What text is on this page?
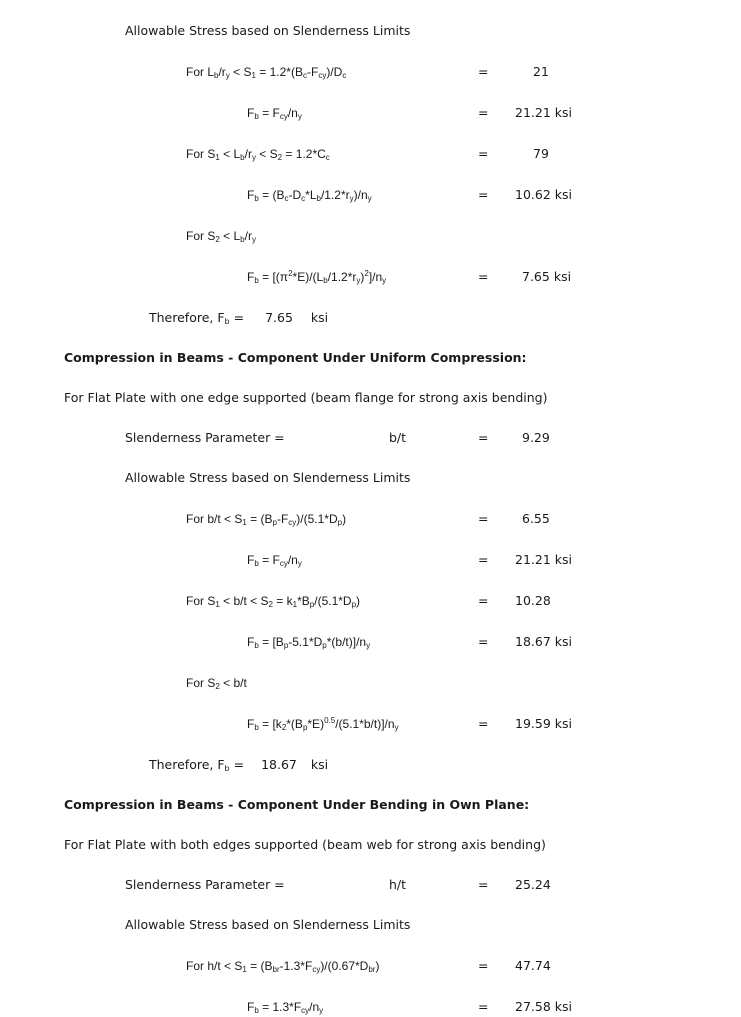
Allowable Stress based on Slenderness Limits
For $L_b/r_y < S_1 = 1.2*(B_c-F_{cy})/D_c$	=	21
$F_b = F_{cy}/n_y$	= 21.21 ksi
For $S_1 < L_b/r_y < S_2 = 1.2*C_c$	=	79
$F_b = (B_c-D_c*L_b/1.2*r_y)/n_y$	= 10.62 ksi
For $S_2 < L_b/r_y$
$F_b = [(\pi^2*E)/(L_b/1.2*r_y)^2]/n_y$	=	7.65 ksi
Therefore, $F_b = 7.65$ ksi
Compression in Beams - Component Under Uniform Compression:
For Flat Plate with one edge supported (beam flange for strong axis bending)
Slenderness Parameter =	b/t	=	9.29
Allowable Stress based on Slenderness Limits
For $b/t < S_1 = (B_p-F_{cy})/(5.1*D_p)$	=	6.55
$F_b = F_{cy}/n_y$	= 21.21 ksi
For $S_1 < b/t < S_2 = k_1*B_p/(5.1*D_p)$	= 10.28
$F_b = [B_p-5.1*D_p*(b/t)]/n_y$	= 18.67 ksi
For $S_2 < b/t$
$F_b = [k_2*(B_p*E)^{0.5}/(5.1*b/t)]/n_y$	= 19.59 ksi
Therefore, $F_b = 18.67$ ksi
Compression in Beams - Component Under Bending in Own Plane:
For Flat Plate with both edges supported (beam web for strong axis bending)
Slenderness Parameter =	h/t	= 25.24
Allowable Stress based on Slenderness Limits
For $h/t < S_1 = (B_{br}-1.3*F_{cy})/(0.67*D_{br})$	= 47.74
$F_b = 1.3*F_{cy}/n_y$	= 27.58 ksi
